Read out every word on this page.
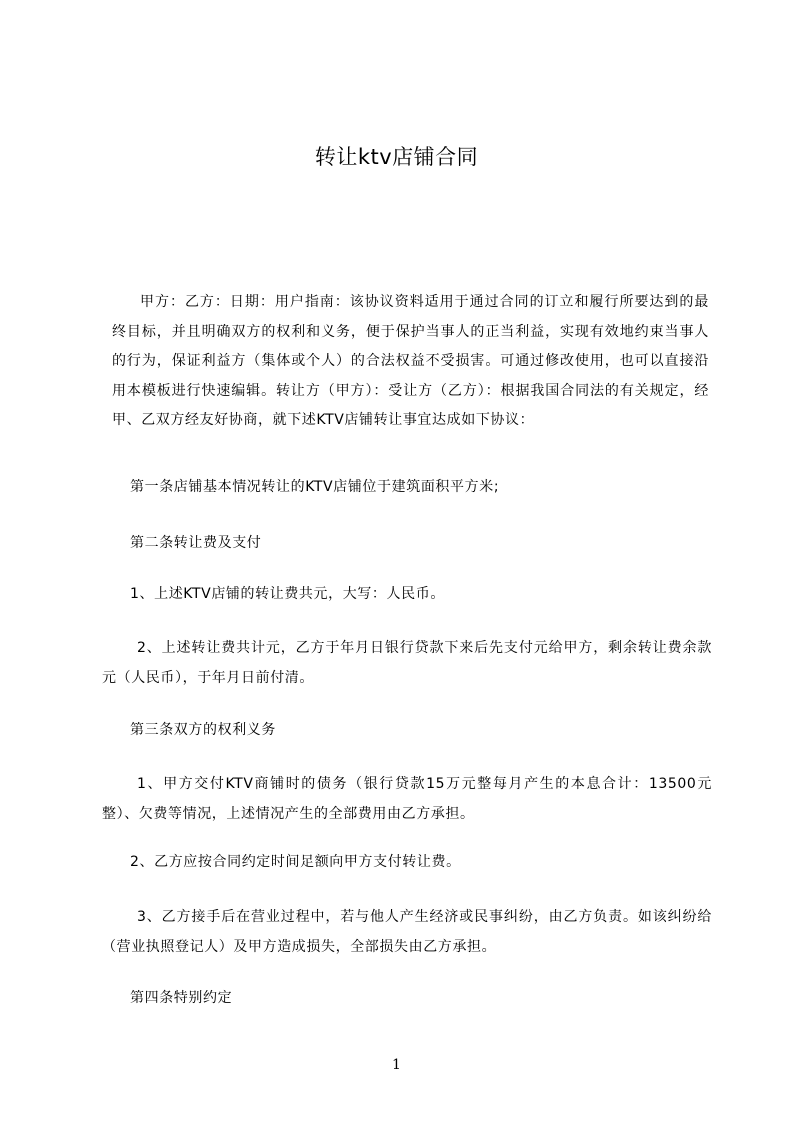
转让ktv店铺合同
甲方：乙方：日期：用户指南：该协议资料适用于通过合同的订立和履行所要达到的最终目标，并且明确双方的权利和义务，便于保护当事人的正当利益，实现有效地约束当事人的行为，保证利益方（集体或个人）的合法权益不受损害。可通过修改使用，也可以直接沿用本模板进行快速编辑。转让方（甲方）：受让方（乙方）：根据我国合同法的有关规定，经甲、乙双方经友好协商，就下述KTV店铺转让事宜达成如下协议：
第一条店铺基本情况转让的KTV店铺位于建筑面积平方米;
第二条转让费及支付
1、上述KTV店铺的转让费共元，大写：人民币。
2、上述转让费共计元，乙方于年月日银行贷款下来后先支付元给甲方，剩余转让费余款元（人民币），于年月日前付清。
第三条双方的权利义务
1、甲方交付KTV商铺时的债务（银行贷款15万元整每月产生的本息合计：13500元整）、欠费等情况，上述情况产生的全部费用由乙方承担。
2、乙方应按合同约定时间足额向甲方支付转让费。
3、乙方接手后在营业过程中，若与他人产生经济或民事纠纷，由乙方负责。如该纠纷给（营业执照登记人）及甲方造成损失，全部损失由乙方承担。
第四条特别约定
1
